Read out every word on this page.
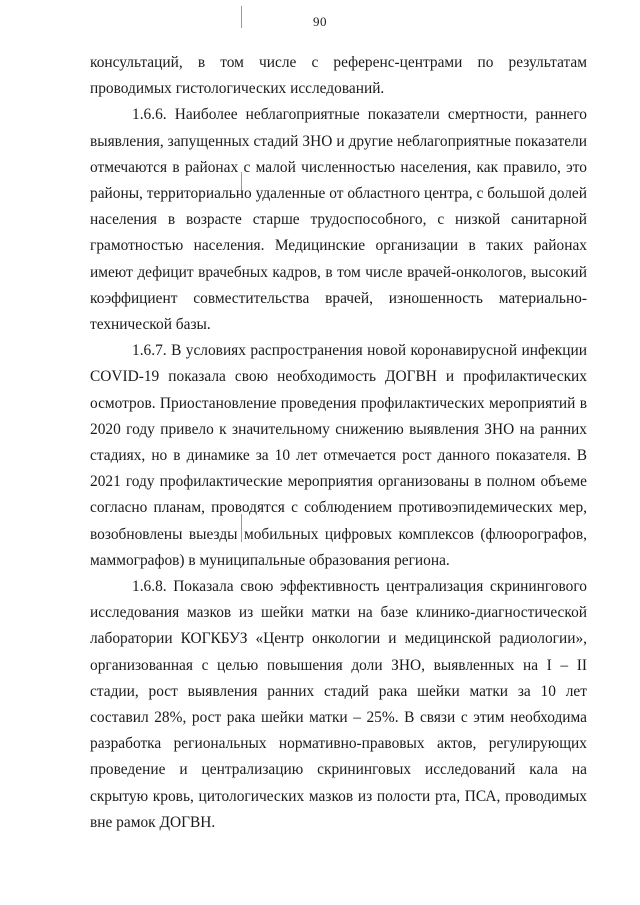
90

консультаций, в том числе с референс-центрами по результатам проводимых гистологических исследований.

1.6.6. Наиболее неблагоприятные показатели смертности, раннего выявления, запущенных стадий ЗНО и другие неблагоприятные показатели отмечаются в районах с малой численностью населения, как правило, это районы, территориально удаленные от областного центра, с большой долей населения в возрасте старше трудоспособного, с низкой санитарной грамотностью населения. Медицинские организации в таких районах имеют дефицит врачебных кадров, в том числе врачей-онкологов, высокий коэффициент совместительства врачей, изношенность материально-технической базы.

1.6.7. В условиях распространения новой коронавирусной инфекции COVID-19 показала свою необходимость ДОГВН и профилактических осмотров. Приостановление проведения профилактических мероприятий в 2020 году привело к значительному снижению выявления ЗНО на ранних стадиях, но в динамике за 10 лет отмечается рост данного показателя. В 2021 году профилактические мероприятия организованы в полном объеме согласно планам, проводятся с соблюдением противоэпидемических мер, возобновлены выезды мобильных цифровых комплексов (флюорографов, маммографов) в муниципальные образования региона.

1.6.8. Показала свою эффективность централизация скринингового исследования мазков из шейки матки на базе клинико-диагностической лаборатории КОГКБУЗ «Центр онкологии и медицинской радиологии», организованная с целью повышения доли ЗНО, выявленных на I – II стадии, рост выявления ранних стадий рака шейки матки за 10 лет составил 28%, рост рака шейки матки – 25%. В связи с этим необходима разработка региональных нормативно-правовых актов, регулирующих проведение и централизацию скрининговых исследований кала на скрытую кровь, цитологических мазков из полости рта, ПСА, проводимых вне рамок ДОГВН.
